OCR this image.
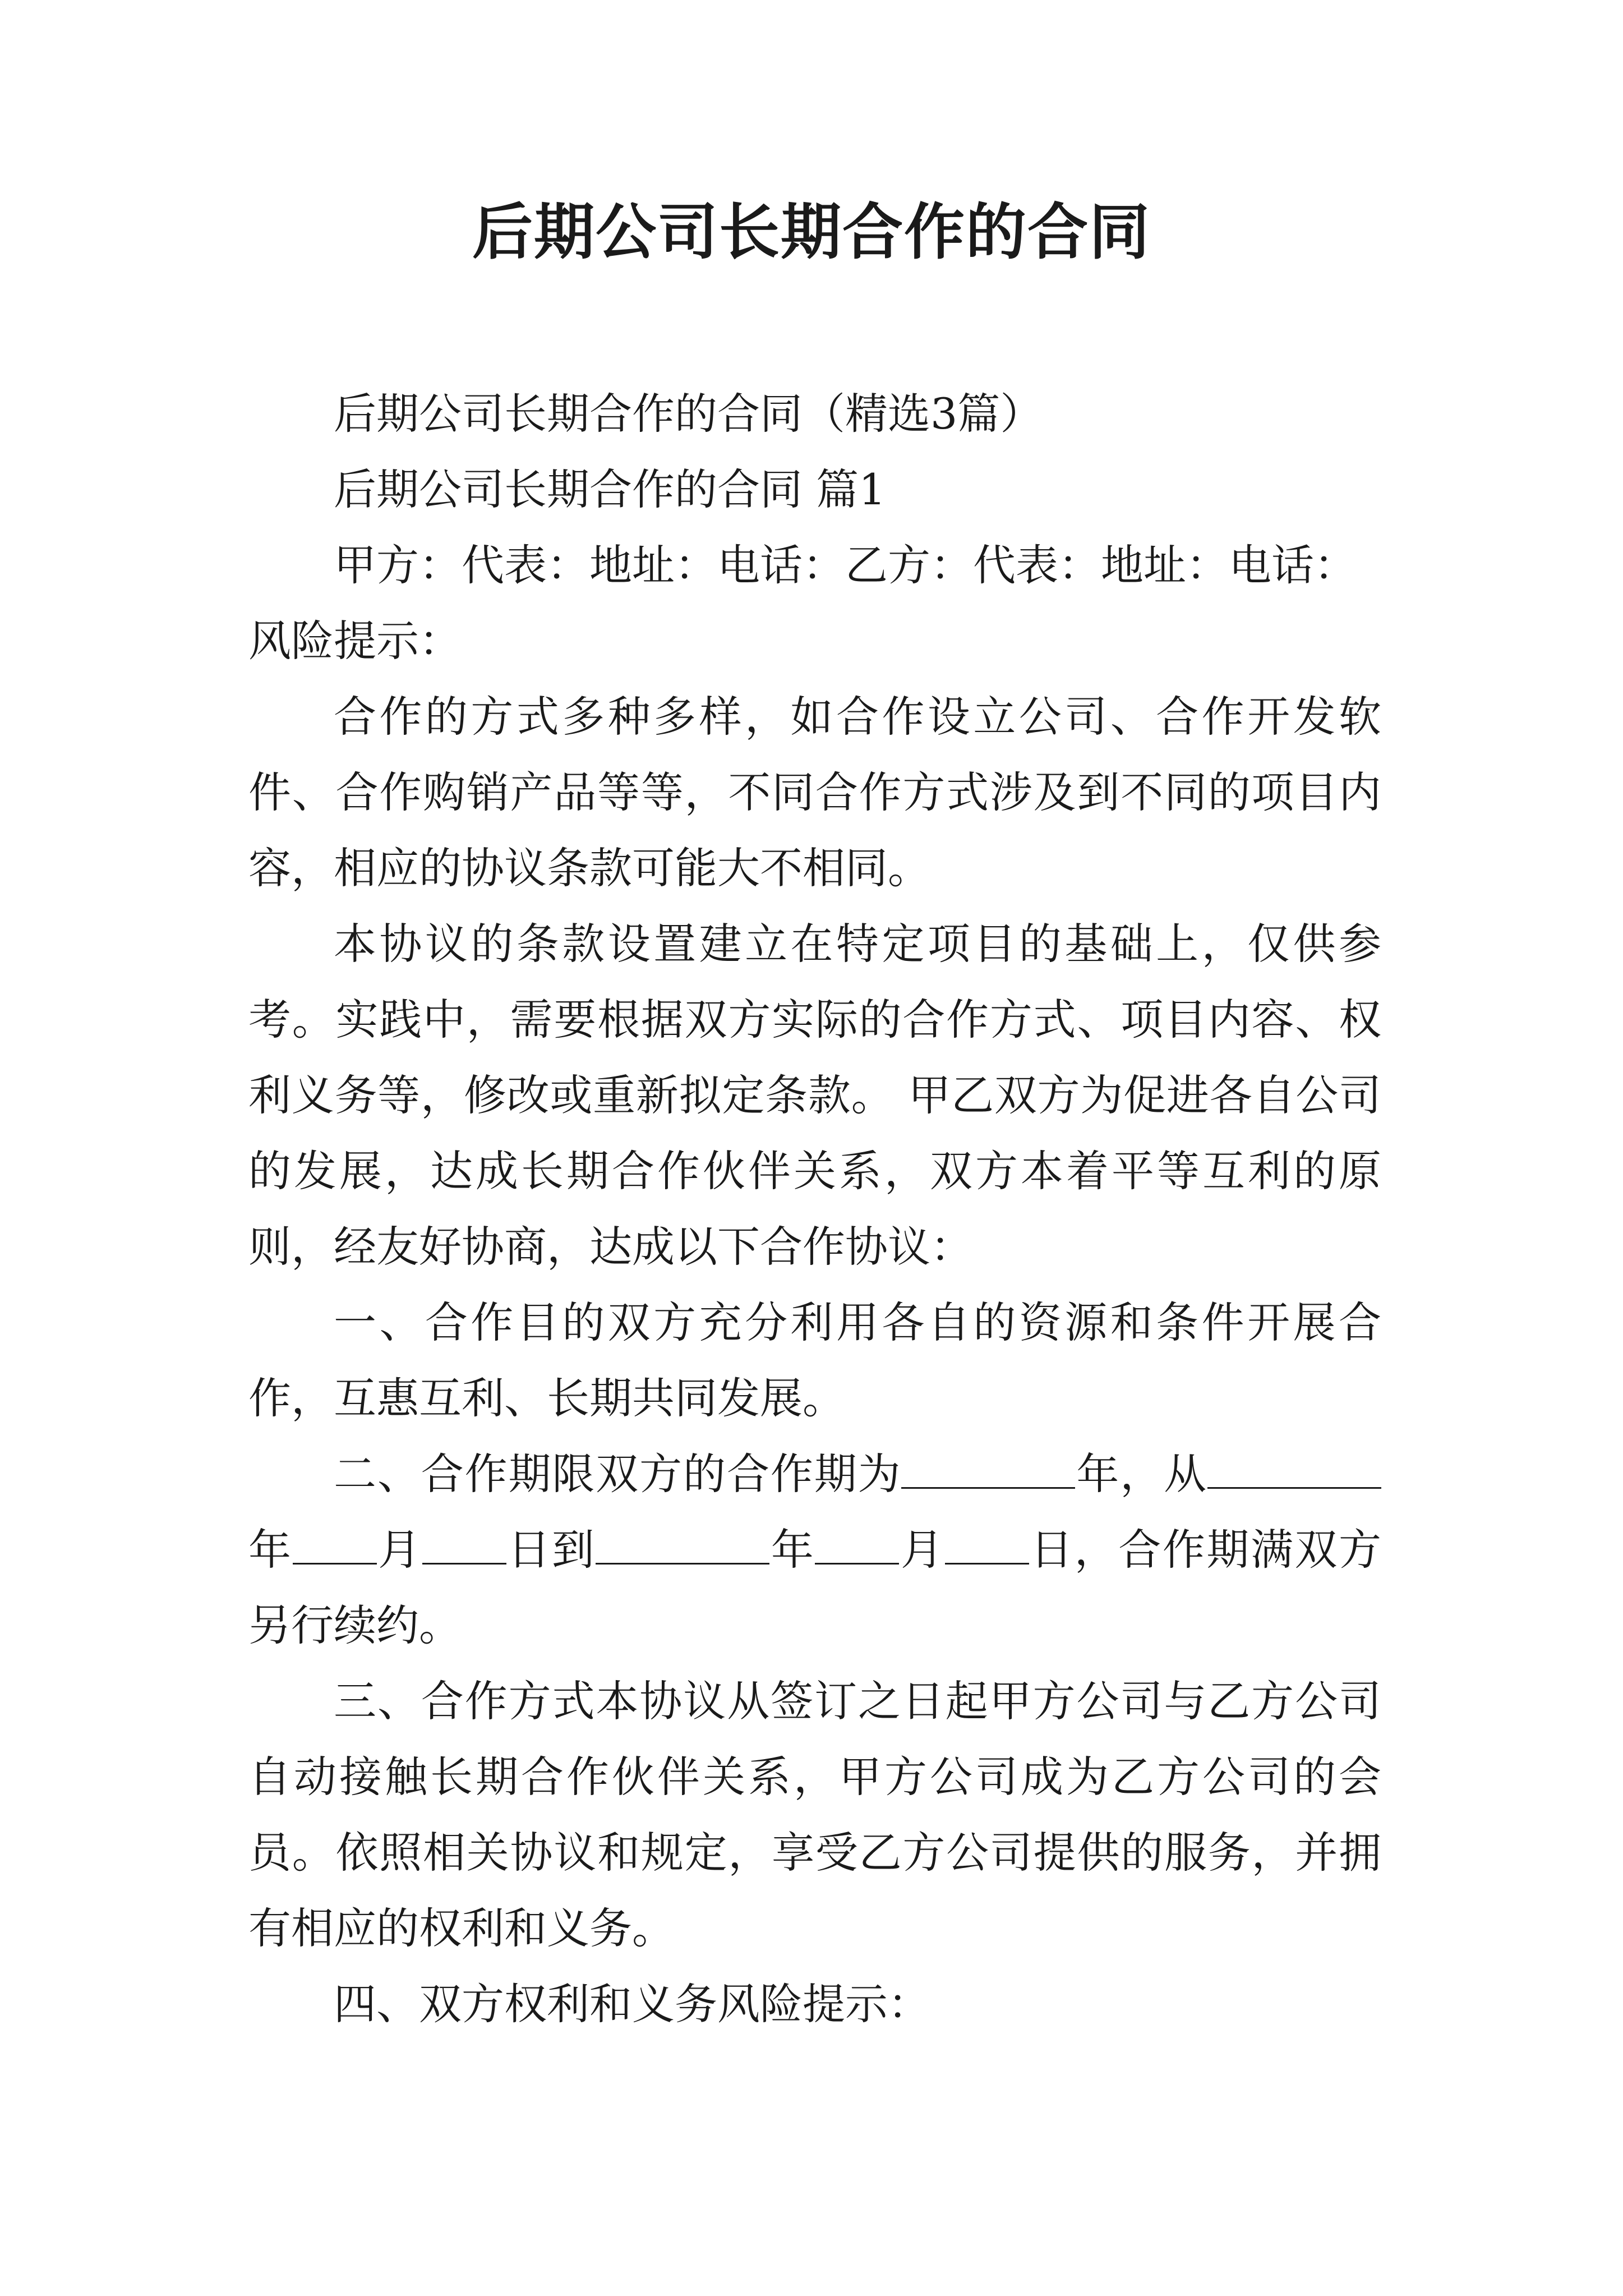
后期公司长期合作的合同

后期公司长期合作的合同（精选3篇）

后期公司长期合作的合同 篇1

甲方：代表：地址：电话：乙方：代表：地址：电话：

风险提示：

合作的方式多种多样，如合作设立公司、合作开发软件、合作购销产品等等，不同合作方式涉及到不同的项目内容，相应的协议条款可能大不相同。

本协议的条款设置建立在特定项目的基础上，仅供参考。实践中，需要根据双方实际的合作方式、项目内容、权利义务等，修改或重新拟定条款。 甲乙双方为促进各自公司的发展，达成长期合作伙伴关系，双方本着平等互利的原则，经友好协商，达成以下合作协议：

一、合作目的双方充分利用各自的资源和条件开展合作，互惠互利、长期共同发展。

二、合作期限双方的合作期为	年，从年 月 日到	年 月 日，合作期满双方另行续约。

三、合作方式本协议从签订之日起甲方公司与乙方公司自动接触长期合作伙伴关系，甲方公司成为乙方公司的会员。依照相关协议和规定，享受乙方公司提供的服务，并拥有相应的权利和义务。

四、双方权利和义务风险提示：
